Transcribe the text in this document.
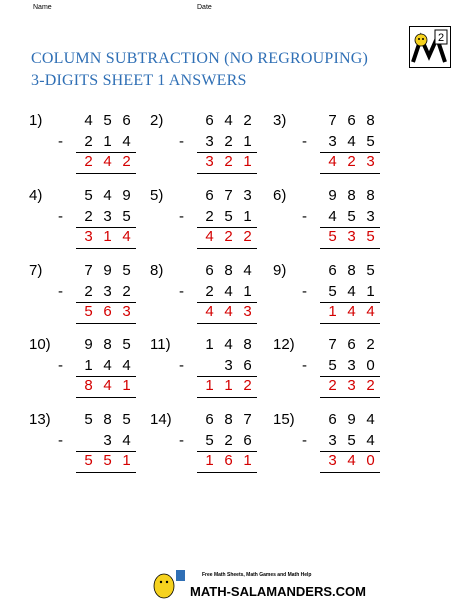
Name	Date
COLUMN SUBTRACTION (NO REGROUPING)
3-DIGITS SHEET 1 ANSWERS
2
1)
-
4 5 6
2 1 4
2 4 2
2)
-
6 4 2
3 2 1
3 2 1
3)
-
7 6 8
3 4 5
4 2 3
4)
-
5 4 9
2 3 5
3 1 4
5)
-
6 7 3
2 5 1
4 2 2
6)
-
9 8 8
4 5 3
5 3 5
7)
-
7 9 5
2 3 2
5 6 3
8)
-
6 8 4
2 4 1
4 4 3
9)
-
6 8 5
5 4 1
1 4 4
10)
-
9 8 5
1 4 4
8 4 1
11)
-
1 4 8
3 6
1 1 2
12)
-
7 6 2
5 3 0
2 3 2
13)
-
5 8 5
3 4
5 5 1
14)
-
6 8 7
5 2 6
1 6 1
15)
-
6 9 4
3 5 4
3 4 0
MATH-SALAMANDERS.COM
Free Math Sheets, Math Games and Math Help
